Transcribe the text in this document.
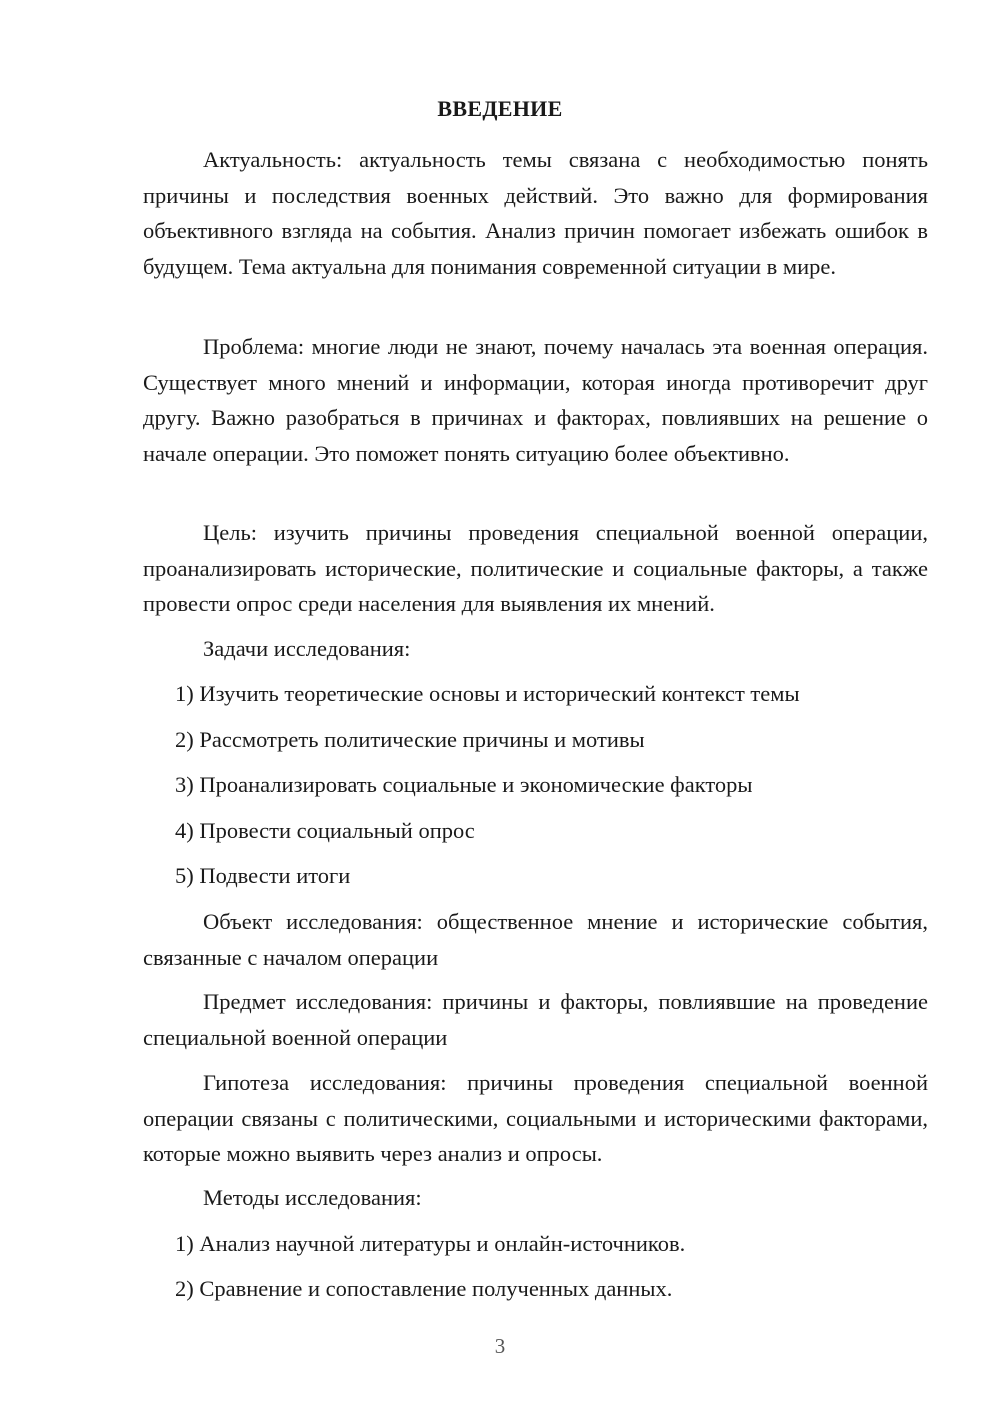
ВВЕДЕНИЕ

Актуальность: актуальность темы связана с необходимостью понять причины и последствия военных действий. Это важно для формирования объективного взгляда на события. Анализ причин помогает избежать ошибок в будущем. Тема актуальна для понимания современной ситуации в мире.

Проблема: многие люди не знают, почему началась эта военная операция. Существует много мнений и информации, которая иногда противоречит друг другу. Важно разобраться в причинах и факторах, повлиявших на решение о начале операции. Это поможет понять ситуацию более объективно.

Цель: изучить причины проведения специальной военной операции, проанализировать исторические, политические и социальные факторы, а также провести опрос среди населения для выявления их мнений.

Задачи исследования:
1) Изучить теоретические основы и исторический контекст темы
2) Рассмотреть политические причины и мотивы
3) Проанализировать социальные и экономические факторы
4) Провести социальный опрос
5) Подвести итоги

Объект исследования: общественное мнение и исторические события, связанные с началом операции

Предмет исследования: причины и факторы, повлиявшие на проведение специальной военной операции

Гипотеза исследования: причины проведения специальной военной операции связаны с политическими, социальными и историческими факторами, которые можно выявить через анализ и опросы.

Методы исследования:
1) Анализ научной литературы и онлайн-источников.
2) Сравнение и сопоставление полученных данных.
3
